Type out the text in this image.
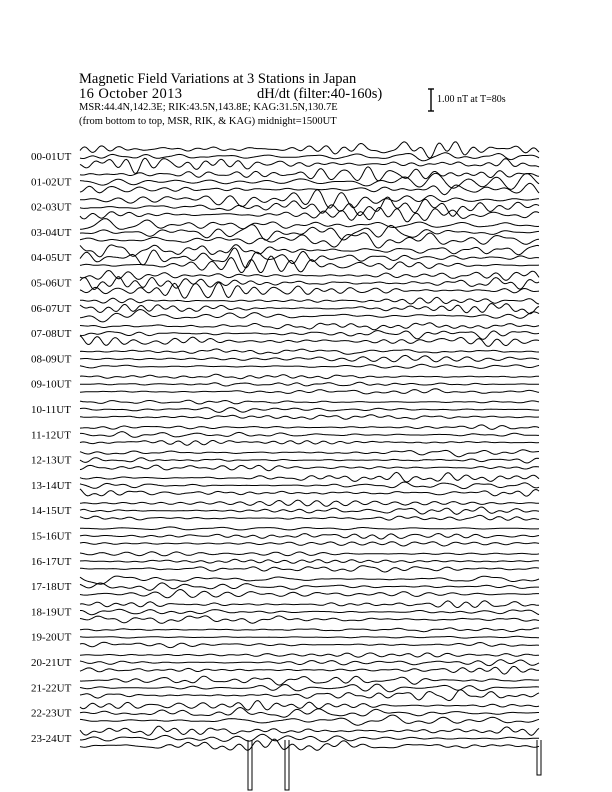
Magnetic Field Variations at 3 Stations in Japan
16 October 2013	dH/dt (filter:40-160s)
MSR:44.4N,142.3E; RIK:43.5N,143.8E; KAG:31.5N,130.7E
(from bottom to top, MSR, RIK, & KAG) midnight=1500UT
1.00 nT at T=80s
00-01UT
01-02UT
02-03UT
03-04UT
04-05UT
05-06UT
06-07UT
07-08UT
08-09UT
09-10UT
10-11UT
11-12UT
12-13UT
13-14UT
14-15UT
15-16UT
16-17UT
17-18UT
18-19UT
19-20UT
20-21UT
21-22UT
22-23UT
23-24UT
